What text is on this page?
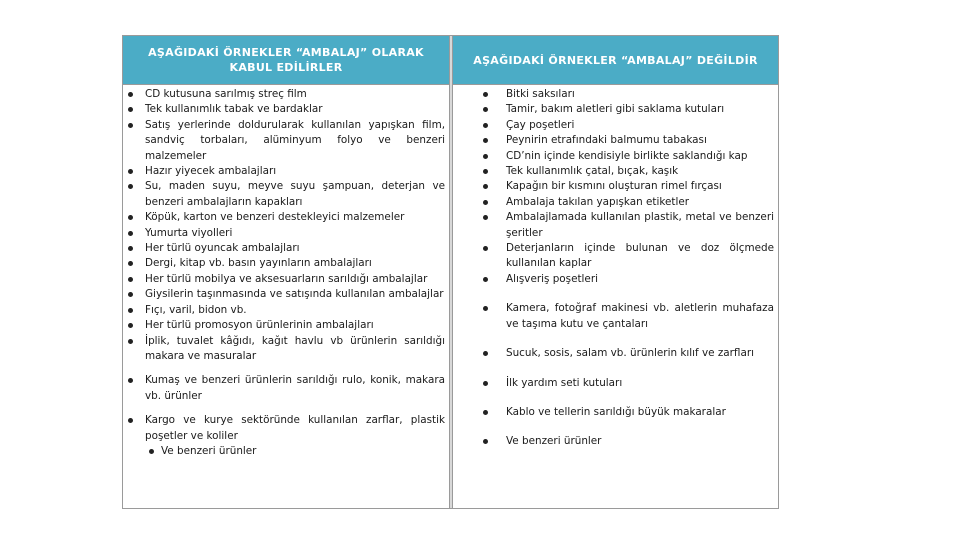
AŞAĞIDAKİ ÖRNEKLER “AMBALAJ” OLARAK KABUL EDİLİRLER
CD kutusuna sarılmış streç film
Tek kullanımlık tabak ve bardaklar
Satış yerlerinde doldurularak kullanılan yapışkan film, sandviç torbaları, alüminyum folyo ve benzeri malzemeler
Hazır yiyecek ambalajları
Su, maden suyu, meyve suyu şampuan, deterjan ve benzeri ambalajların kapakları
Köpük, karton ve benzeri destekleyici malzemeler
Yumurta viyolleri
Her türlü oyuncak ambalajları
Dergi, kitap vb. basın yayınların ambalajları
Her türlü mobilya ve aksesuarların sarıldığı ambalajlar
Giysilerin taşınmasında ve satışında kullanılan ambalajlar
Fıçı, varil, bidon vb.
Her türlü promosyon ürünlerinin ambalajları
İplik, tuvalet kâğıdı, kağıt havlu vb ürünlerin sarıldığı makara ve masuralar
Kumaş ve benzeri ürünlerin sarıldığı rulo, konik, makara vb. ürünler
Kargo ve kurye sektöründe kullanılan zarflar, plastik poşetler ve koliler
Ve benzeri ürünler
AŞAĞIDAKİ ÖRNEKLER “AMBALAJ” DEĞİLDİR
Bitki saksıları
Tamir, bakım aletleri gibi saklama kutuları
Çay poşetleri
Peynirin etrafındaki balmumu tabakası
CD’nin içinde kendisiyle birlikte saklandığı kap
Tek kullanımlık çatal, bıçak, kaşık
Kapağın bir kısmını oluşturan rimel fırçası
Ambalaja takılan yapışkan etiketler
Ambalajlamada kullanılan plastik, metal ve benzeri şeritler
Deterjanların içinde bulunan ve doz ölçmede kullanılan kaplar
Alışveriş poşetleri
Kamera, fotoğraf makinesi vb. aletlerin muhafaza ve taşıma kutu ve çantaları
Sucuk, sosis, salam vb. ürünlerin kılıf ve zarfları
İlk yardım seti kutuları
Kablo ve tellerin sarıldığı büyük makaralar
Ve benzeri ürünler
